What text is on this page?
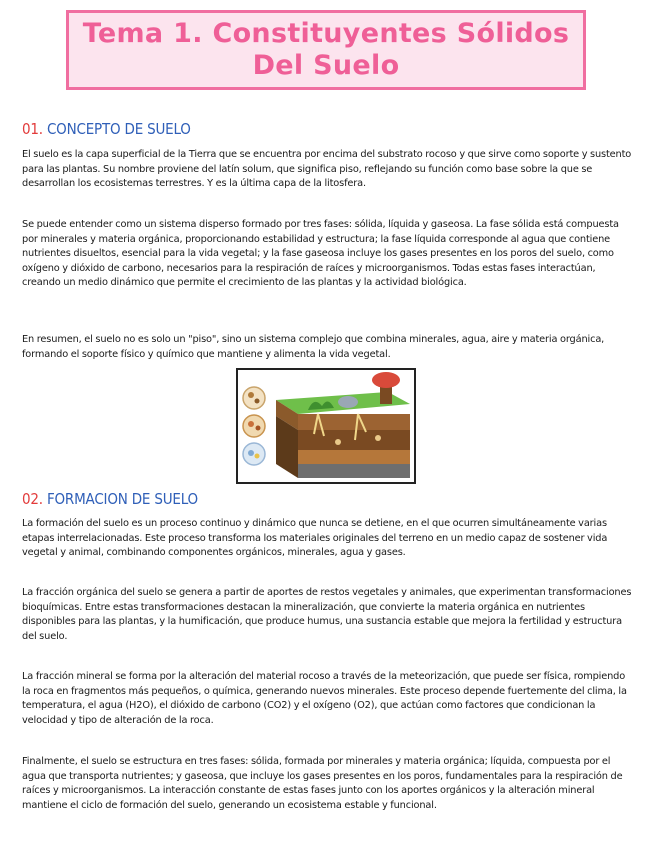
Tema 1. Constituyentes Sólidos
Del Suelo
01. CONCEPTO DE SUELO

El suelo es la capa superficial de la Tierra que se encuentra por encima del substrato rocoso y que sirve como soporte y sustento para las plantas. Su nombre proviene del latín solum, que significa piso, reflejando su función como base sobre la que se desarrollan los ecosistemas terrestres. Y es la última capa de la litosfera.

Se puede entender como un sistema disperso formado por tres fases: sólida, líquida y gaseosa. La fase sólida está compuesta por minerales y materia orgánica, proporcionando estabilidad y estructura; la fase líquida corresponde al agua que contiene nutrientes disueltos, esencial para la vida vegetal; y la fase gaseosa incluye los gases presentes en los poros del suelo, como oxígeno y dióxido de carbono, necesarios para la respiración de raíces y microorganismos. Todas estas fases interactúan, creando un medio dinámico que permite el crecimiento de las plantas y la actividad biológica.

En resumen, el suelo no es solo un "piso", sino un sistema complejo que combina minerales, agua, aire y materia orgánica, formando el soporte físico y químico que mantiene y alimenta la vida vegetal.

02. FORMACION DE SUELO

La formación del suelo es un proceso continuo y dinámico que nunca se detiene, en el que ocurren simultáneamente varias etapas interrelacionadas. Este proceso transforma los materiales originales del terreno en un medio capaz de sostener vida vegetal y animal, combinando componentes orgánicos, minerales, agua y gases.

La fracción orgánica del suelo se genera a partir de aportes de restos vegetales y animales, que experimentan transformaciones bioquímicas. Entre estas transformaciones destacan la mineralización, que convierte la materia orgánica en nutrientes disponibles para las plantas, y la humificación, que produce humus, una sustancia estable que mejora la fertilidad y estructura del suelo.

La fracción mineral se forma por la alteración del material rocoso a través de la meteorización, que puede ser física, rompiendo la roca en fragmentos más pequeños, o química, generando nuevos minerales. Este proceso depende fuertemente del clima, la temperatura, el agua (H2O), el dióxido de carbono (CO2) y el oxígeno (O2), que actúan como factores que condicionan la velocidad y tipo de alteración de la roca.

Finalmente, el suelo se estructura en tres fases: sólida, formada por minerales y materia orgánica; líquida, compuesta por el agua que transporta nutrientes; y gaseosa, que incluye los gases presentes en los poros, fundamentales para la respiración de raíces y microorganismos. La interacción constante de estas fases junto con los aportes orgánicos y la alteración mineral mantiene el ciclo de formación del suelo, generando un ecosistema estable y funcional.
